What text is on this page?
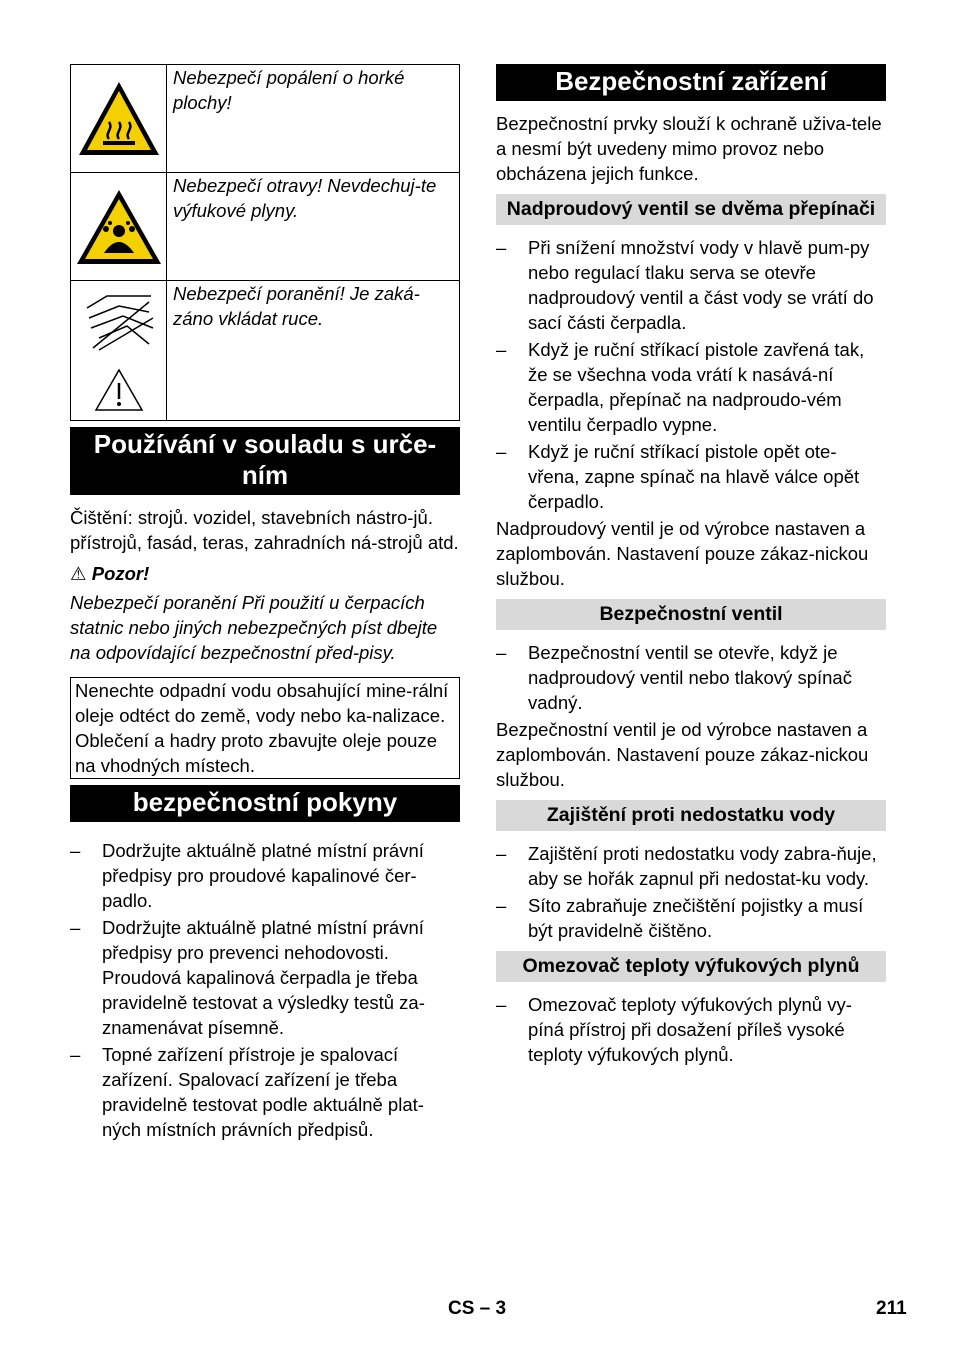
Nebezpečí popálení o horké plochy!
Nebezpečí otravy! Nevdechuj-te výfukové plyny.
Nebezpečí poranění! Je zaká-záno vkládat ruce.
Používání v souladu s urče-ním

Čištění: strojů. vozidel, stavebních nástro-jů. přístrojů, fasád, teras, zahradních ná-strojů atd.

⚠ Pozor!

Nebezpečí poranění Při použití u čerpacích statnic nebo jiných nebezpečných píst dbejte na odpovídající bezpečnostní před-pisy.

Nenechte odpadní vodu obsahující mine-rální oleje odtéct do země, vody nebo ka-nalizace. Oblečení a hadry proto zbavujte oleje pouze na vhodných místech.
bezpečnostní pokyny
– Dodržujte aktuálně platné místní právní předpisy pro proudové kapalinové čer-padlo.
– Dodržujte aktuálně platné místní právní předpisy pro prevenci nehodovosti. Proudová kapalinová čerpadla je třeba pravidelně testovat a výsledky testů za-znamenávat písemně.
– Topné zařízení přístroje je spalovací zařízení. Spalovací zařízení je třeba pravidelně testovat podle aktuálně plat-ných místních právních předpisů.
Bezpečnostní zařízení

Bezpečnostní prvky slouží k ochraně uživa-tele a nesmí být uvedeny mimo provoz nebo obcházena jejich funkce.

Nadproudový ventil se dvěma přepínači
– Při snížení množství vody v hlavě pum-py nebo regulací tlaku serva se otevře nadproudový ventil a část vody se vrátí do sací části čerpadla.
– Když je ruční stříkací pistole zavřená tak, že se všechna voda vrátí k nasává-ní čerpadla, přepínač na nadproudo-vém ventilu čerpadlo vypne.
– Když je ruční stříkací pistole opět ote-vřena, zapne spínač na hlavě válce opět čerpadlo.

Nadproudový ventil je od výrobce nastaven a zaplombován. Nastavení pouze zákaz-nickou službou.

Bezpečnostní ventil
– Bezpečnostní ventil se otevře, když je nadproudový ventil nebo tlakový spínač vadný.

Bezpečnostní ventil je od výrobce nastaven a zaplombován. Nastavení pouze zákaz-nickou službou.

Zajištění proti nedostatku vody
– Zajištění proti nedostatku vody zabra-ňuje, aby se hořák zapnul při nedostat-ku vody.
– Síto zabraňuje znečištění pojistky a musí být pravidelně čištěno.
Omezovač teploty výfukových plynů
– Omezovač teploty výfukových plynů vy-píná přístroj při dosažení příleš vysoké teploty výfukových plynů.
CS – 3	211
